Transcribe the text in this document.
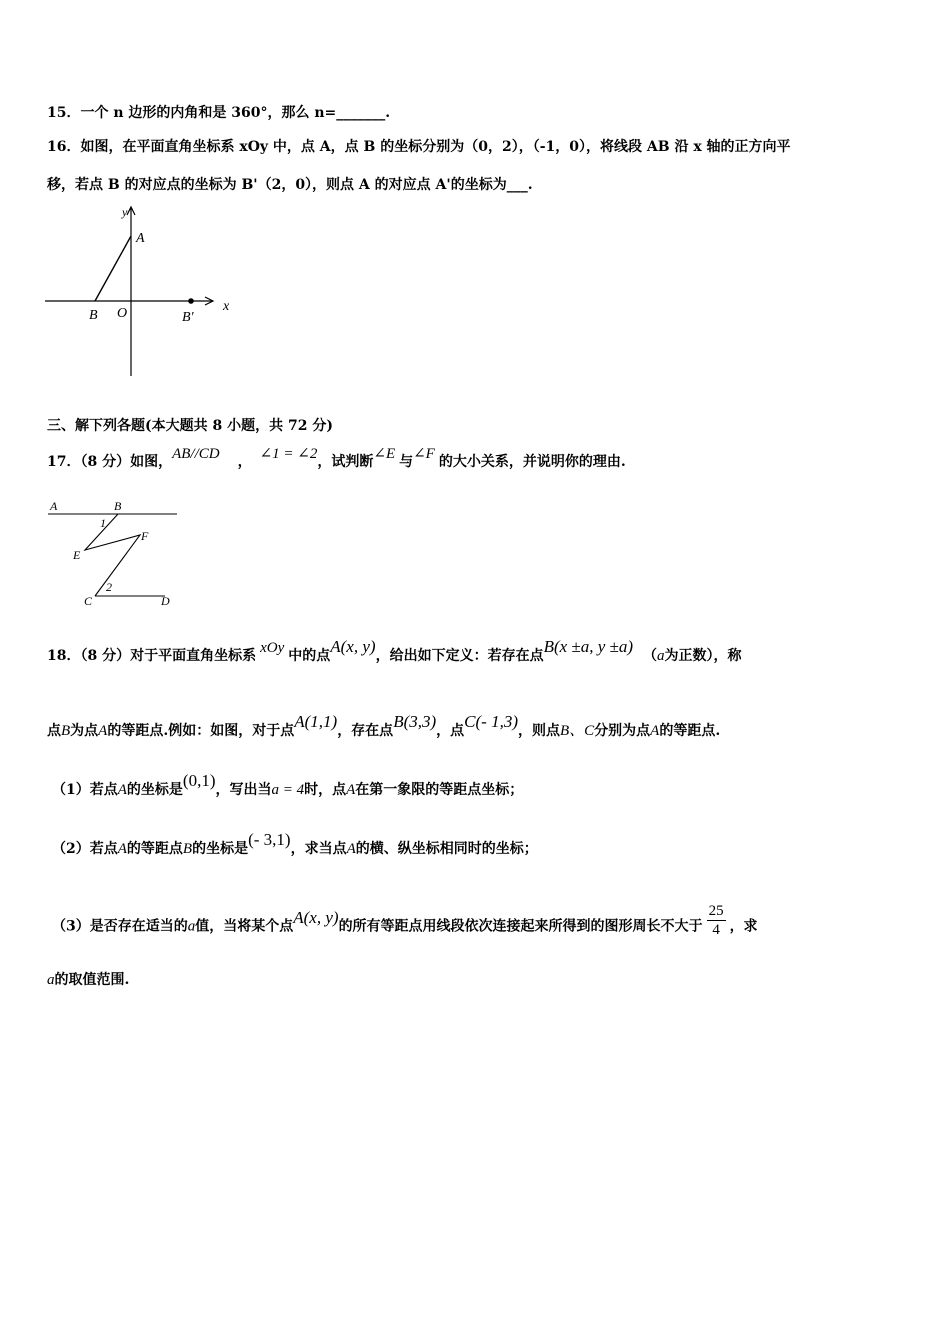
15．一个 n 边形的内角和是 360°，那么 n=_______.
16．如图，在平面直角坐标系 xOy 中，点 A，点 B 的坐标分别为（0，2），（-1，0），将线段 AB 沿 x 轴的正方向平
移，若点 B 的对应点的坐标为 B'（2，0），则点 A 的对应点 A'的坐标为___.
y
A
B O	B'
x
三、解下列各题(本大题共 8 小题，共 72 分)
17．（8 分）如图，AB//CD ， ∠1 = ∠2，试判断∠E 与∠F 的大小关系，并说明你的理由.
A	B
1
F
E
2
C	D
18．（8 分）对于平面直角坐标系 xOy 中的点A(x, y)，给出如下定义：若存在点B(x ±a, y ±a) （a为正数），称
点B为点A的等距点.例如：如图，对于点A(1,1)，存在点B(3,3)，点C(- 1,3)，则点B、C分别为点A的等距点.
（1）若点A的坐标是(0,1)，写出当a = 4时，点A在第一象限的等距点坐标；
（2）若点A的等距点B的坐标是(- 3,1)，求当点A的横、纵坐标相同时的坐标；
（3）是否存在适当的a值，当将某个点A(x, y)的所有等距点用线段依次连接起来所得到的图形周长不大于 $\frac{25}{4}$ ，求
a的取值范围.
